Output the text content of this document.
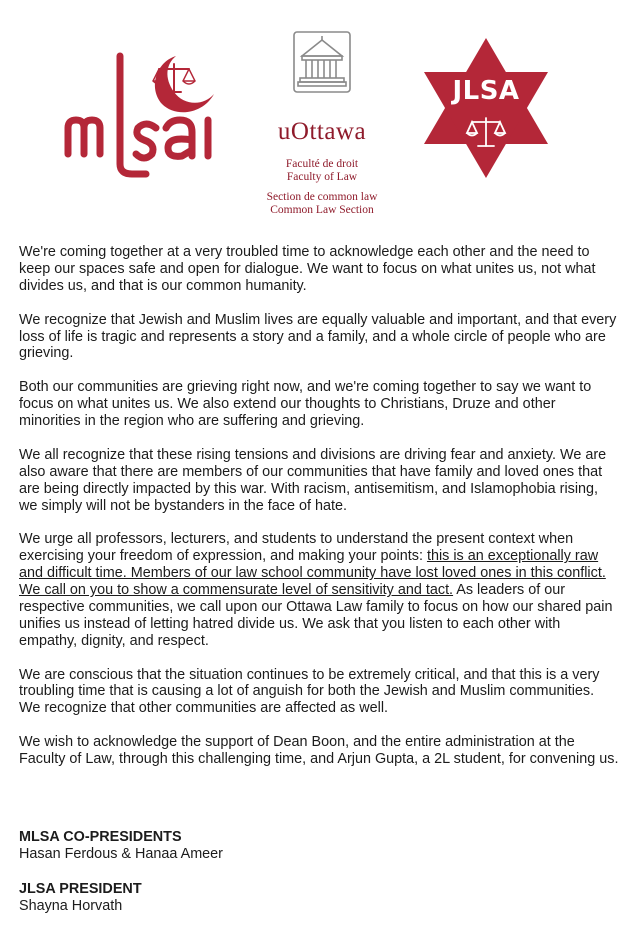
uOttawa
Faculté de droit
Faculty of Law
Section de common law
Common Law Section
JLSA

We're coming together at a very troubled time to acknowledge each other and the need to keep our spaces safe and open for dialogue. We want to focus on what unites us, not what divides us, and that is our common humanity.

We recognize that Jewish and Muslim lives are equally valuable and important, and that every loss of life is tragic and represents a story and a family, and a whole circle of people who are grieving.

Both our communities are grieving right now, and we're coming together to say we want to focus on what unites us. We also extend our thoughts to Christians, Druze and other minorities in the region who are suffering and grieving.

We all recognize that these rising tensions and divisions are driving fear and anxiety. We are also aware that there are members of our communities that have family and loved ones that are being directly impacted by this war. With racism, antisemitism, and Islamophobia rising, we simply will not be bystanders in the face of hate.

We urge all professors, lecturers, and students to understand the present context when exercising your freedom of expression, and making your points: this is an exceptionally raw and difficult time. Members of our law school community have lost loved ones in this conflict. We call on you to show a commensurate level of sensitivity and tact. As leaders of our respective communities, we call upon our Ottawa Law family to focus on how our shared pain unifies us instead of letting hatred divide us. We ask that you listen to each other with empathy, dignity, and respect.

We are conscious that the situation continues to be extremely critical, and that this is a very troubling time that is causing a lot of anguish for both the Jewish and Muslim communities. We recognize that other communities are affected as well.

We wish to acknowledge the support of Dean Boon, and the entire administration at the Faculty of Law, through this challenging time, and Arjun Gupta, a 2L student, for convening us.

MLSA CO-PRESIDENTS
Hasan Ferdous & Hanaa Ameer
JLSA PRESIDENT
Shayna Horvath
